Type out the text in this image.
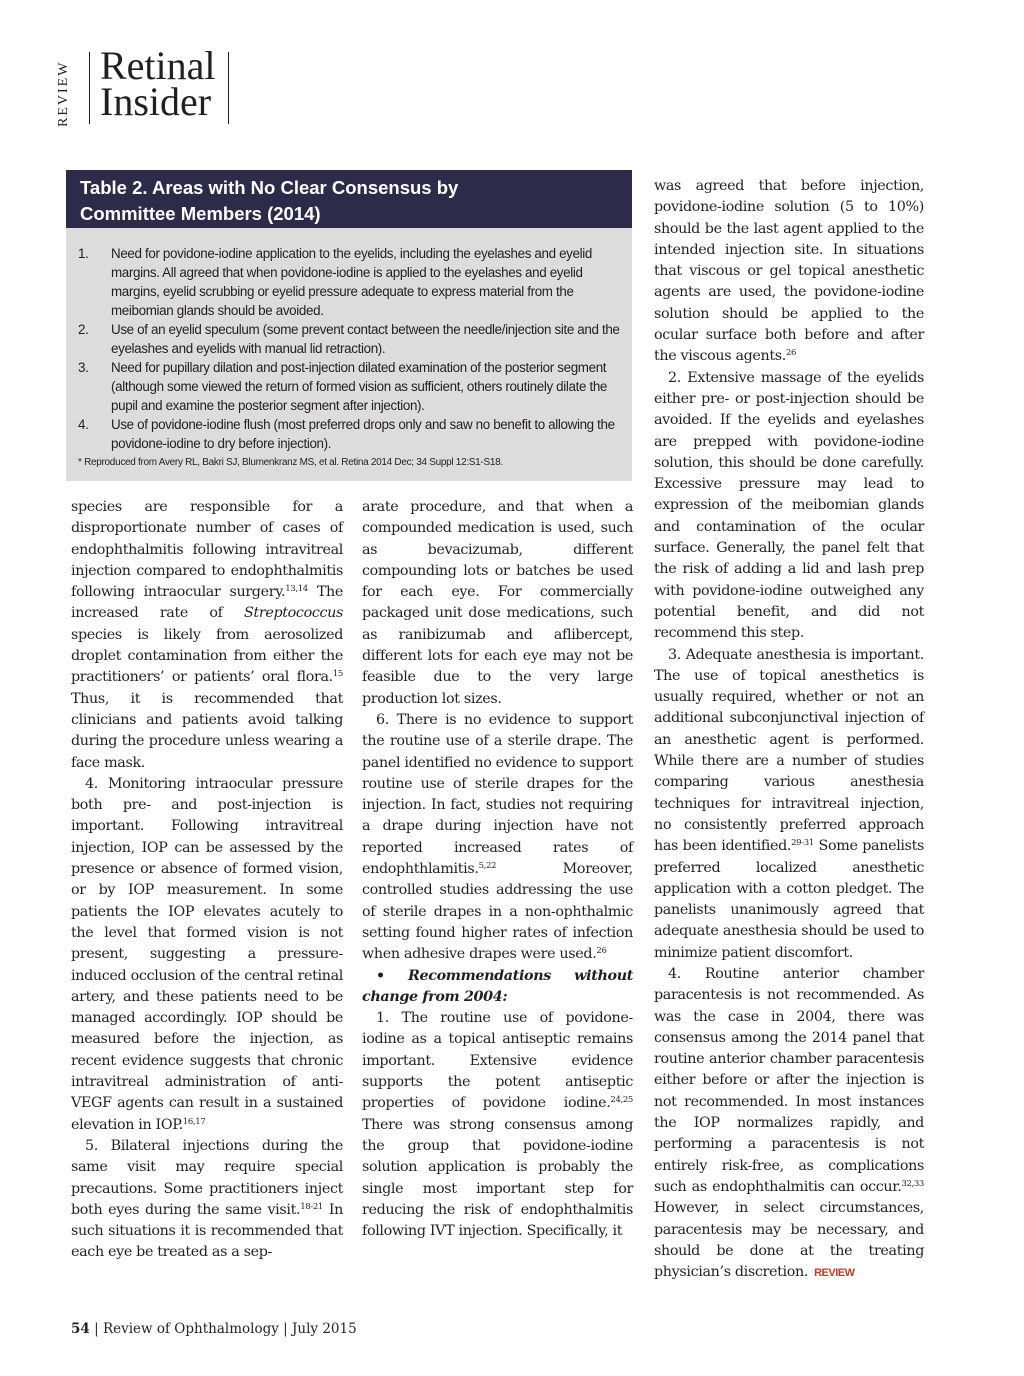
REVIEW Retinal
Insider
Table 2. Areas with No Clear Consensus by
Committee Members (2014)
1.	Need for povidone-iodine application to the eyelids, including the eyelashes and eyelid margins. All agreed that when povidone-iodine is applied to the eyelashes and eyelid margins, eyelid scrubbing or eyelid pressure adequate to express material from the meibomian glands should be avoided.
2.	Use of an eyelid speculum (some prevent contact between the needle/injection site and the eyelashes and eyelids with manual lid retraction).
3.	Need for pupillary dilation and post-injection dilated examination of the posterior segment (although some viewed the return of formed vision as sufficient, others routinely dilate the pupil and examine the posterior segment after injection).
4.	Use of povidone-iodine flush (most preferred drops only and saw no benefit to allowing the povidone-iodine to dry before injection).
* Reproduced from Avery RL, Bakri SJ, Blumenkranz MS, et al. Retina 2014 Dec; 34 Suppl 12:S1-S18.

species are responsible for a disproportionate number of cases of endophthalmitis following intravitreal injection compared to endophthalmitis following intraocular surgery.$^{13,14}$ The increased rate of Streptococcus species is likely from aerosolized droplet contamination from either the practitioners’ or patients’ oral flora.$^{15}$ Thus, it is recommended that clinicians and patients avoid talking during the procedure unless wearing a face mask.

4. Monitoring intraocular pressure both pre- and post-injection is important. Following intravitreal injection, IOP can be assessed by the presence or absence of formed vision, or by IOP measurement. In some patients the IOP elevates acutely to the level that formed vision is not present, suggesting a pressure-induced occlusion of the central retinal artery, and these patients need to be managed accordingly. IOP should be measured before the injection, as recent evidence suggests that chronic intravitreal administration of anti-VEGF agents can result in a sustained elevation in IOP.$^{16,17}$

5. Bilateral injections during the same visit may require special precautions. Some practitioners inject both eyes during the same visit.$^{18-21}$ In such situations it is recommended that each eye be treated as a sep-

arate procedure, and that when a compounded medication is used, such as bevacizumab, different compounding lots or batches be used for each eye. For commercially packaged unit dose medications, such as ranibizumab and aflibercept, different lots for each eye may not be feasible due to the very large production lot sizes.

6. There is no evidence to support the routine use of a sterile drape. The panel identified no evidence to support routine use of sterile drapes for the injection. In fact, studies not requiring a drape during injection have not reported increased rates of endophthlamitis.$^{5,22}$ Moreover, controlled studies addressing the use of sterile drapes in a non-ophthalmic setting found higher rates of infection when adhesive drapes were used.$^{26}$

• Recommendations without change from 2004:

1. The routine use of povidone-iodine as a topical antiseptic remains important. Extensive evidence supports the potent antiseptic properties of povidone iodine.$^{24,25}$ There was strong consensus among the group that povidone-iodine solution application is probably the single most important step for reducing the risk of endophthalmitis following IVT injection. Specifically, it

was agreed that before injection, povidone-iodine solution (5 to 10%) should be the last agent applied to the intended injection site. In situations that viscous or gel topical anesthetic agents are used, the povidone-iodine solution should be applied to the ocular surface both before and after the viscous agents.$^{26}$

2. Extensive massage of the eyelids either pre- or post-injection should be avoided. If the eyelids and eyelashes are prepped with povidone-iodine solution, this should be done carefully. Excessive pressure may lead to expression of the meibomian glands and contamination of the ocular surface. Generally, the panel felt that the risk of adding a lid and lash prep with povidone-iodine outweighed any potential benefit, and did not recommend this step.

3. Adequate anesthesia is important. The use of topical anesthetics is usually required, whether or not an additional subconjunctival injection of an anesthetic agent is performed. While there are a number of studies comparing various anesthesia techniques for intravitreal injection, no consistently preferred approach has been identified.$^{29-31}$ Some panelists preferred localized anesthetic application with a cotton pledget. The panelists unanimously agreed that adequate anesthesia should be used to minimize patient discomfort.

4. Routine anterior chamber paracentesis is not recommended. As was the case in 2004, there was consensus among the 2014 panel that routine anterior chamber paracentesis either before or after the injection is not recommended. In most instances the IOP normalizes rapidly, and performing a paracentesis is not entirely risk-free, as complications such as endophthalmitis can occur.$^{32,33}$ However, in select circumstances, paracentesis may be necessary, and should be done at the treating physician’s discretion. REVIEW

54 | Review of Ophthalmology | July 2015
